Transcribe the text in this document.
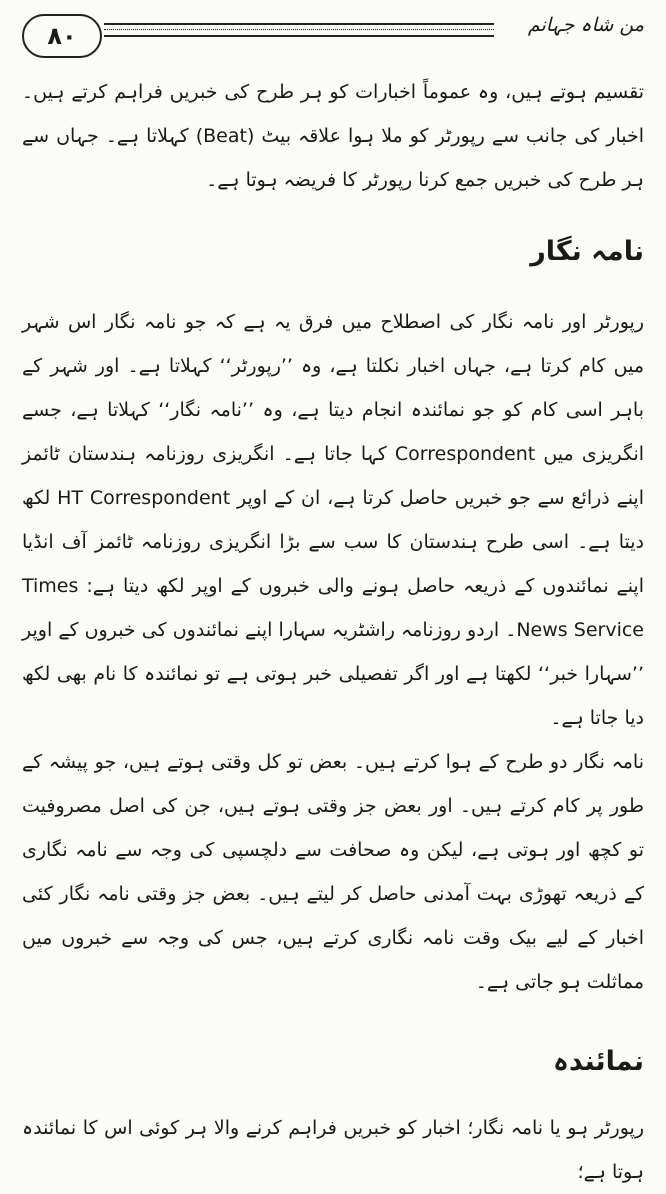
۸۰	من شاہ جہانم

تقسیم ہوتے ہیں، وہ عموماً اخبارات کو ہر طرح کی خبریں فراہم کرتے ہیں۔ اخبار کی جانب سے رپورٹر کو ملا ہوا علاقہ بیٹ (Beat) کہلاتا ہے۔ جہاں سے ہر طرح کی خبریں جمع کرنا رپورٹر کا فریضہ ہوتا ہے۔

نامہ نگار

رپورٹر اور نامہ نگار کی اصطلاح میں فرق یہ ہے کہ جو نامہ نگار اس شہر میں کام کرتا ہے، جہاں اخبار نکلتا ہے، وہ ’’رپورٹر‘‘ کہلاتا ہے۔ اور شہر کے باہر اسی کام کو جو نمائندہ انجام دیتا ہے، وہ ’’نامہ نگار‘‘ کہلاتا ہے، جسے انگریزی میں Correspondent کہا جاتا ہے۔ انگریزی روزنامہ ہندستان ٹائمز اپنے ذرائع سے جو خبریں حاصل کرتا ہے، ان کے اوپر HT Correspondent لکھ دیتا ہے۔ اسی طرح ہندستان کا سب سے بڑا انگریزی روزنامہ ٹائمز آف انڈیا اپنے نمائندوں کے ذریعہ حاصل ہونے والی خبروں کے اوپر لکھ دیتا ہے: Times News Service۔ اردو روزنامہ راشٹریہ سہارا اپنے نمائندوں کی خبروں کے اوپر ’’سہارا خبر‘‘ لکھتا ہے اور اگر تفصیلی خبر ہوتی ہے تو نمائندہ کا نام بھی لکھ دیا جاتا ہے۔

نامہ نگار دو طرح کے ہوا کرتے ہیں۔ بعض تو کل وقتی ہوتے ہیں، جو پیشہ کے طور پر کام کرتے ہیں۔ اور بعض جز وقتی ہوتے ہیں، جن کی اصل مصروفیت تو کچھ اور ہوتی ہے، لیکن وہ صحافت سے دلچسپی کی وجہ سے نامہ نگاری کے ذریعہ تھوڑی بہت آمدنی حاصل کر لیتے ہیں۔ بعض جز وقتی نامہ نگار کئی اخبار کے لیے بیک وقت نامہ نگاری کرتے ہیں، جس کی وجہ سے خبروں میں مماثلت ہو جاتی ہے۔

نمائندہ

رپورٹر ہو یا نامہ نگار؛ اخبار کو خبریں فراہم کرنے والا ہر کوئی اس کا نمائندہ ہوتا ہے؛
